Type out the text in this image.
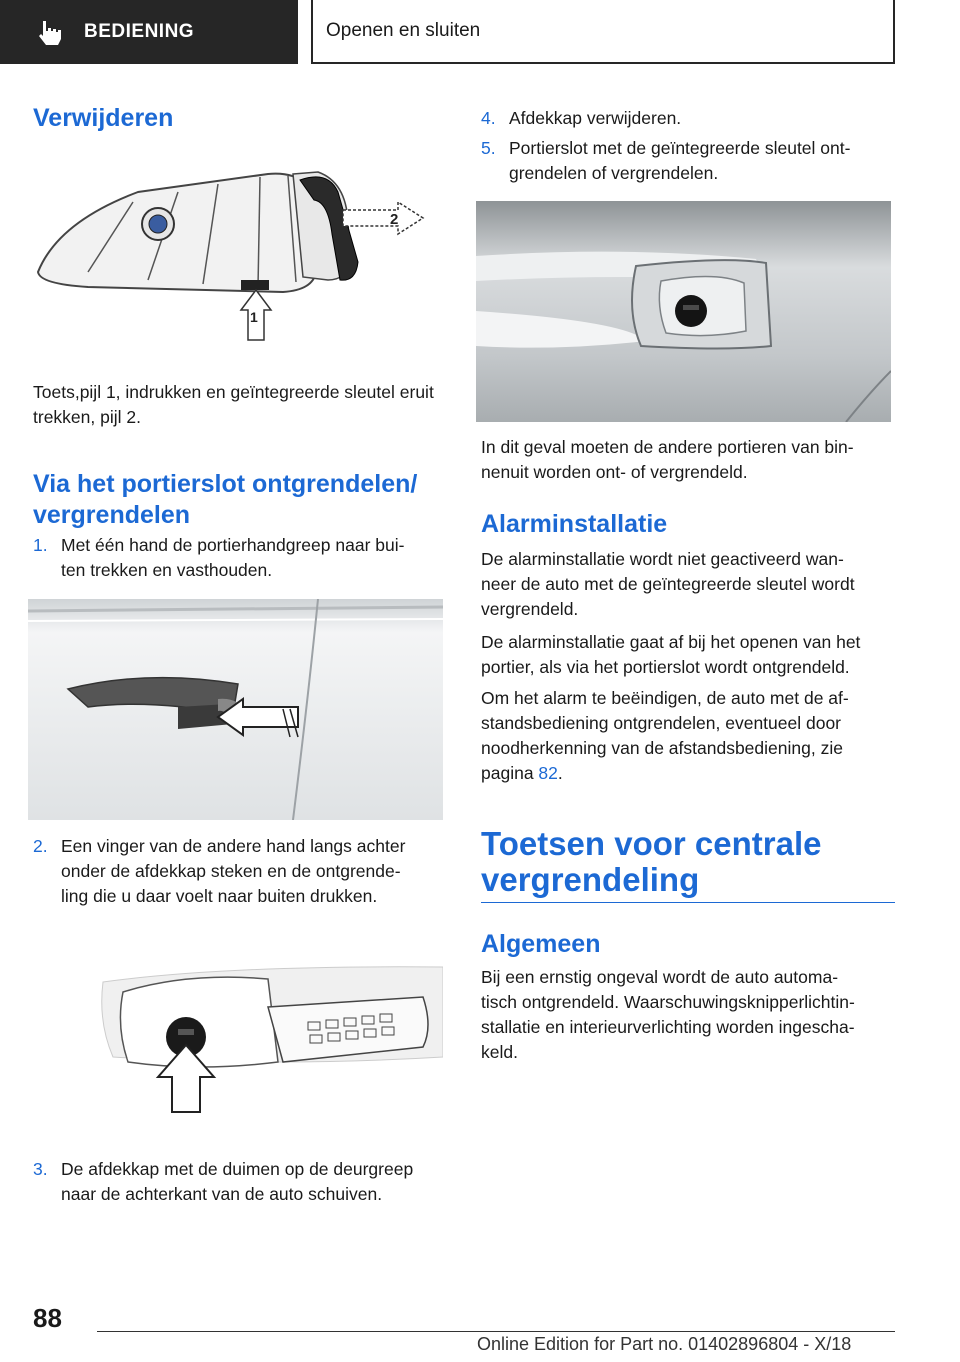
BEDIENING	Openen en sluiten
Verwijderen
2
1
Toets,pijl 1, indrukken en geïntegreerde sleutel eruit trekken, pijl 2.
Via het portierslot ontgrendelen/
vergrendelen
1. Met één hand de portierhandgreep naar bui-
ten trekken en vasthouden.
2. Een vinger van de andere hand langs achter
onder de afdekkap steken en de ontgrende-
ling die u daar voelt naar buiten drukken.
3. De afdekkap met de duimen op de deurgreep
naar de achterkant van de auto schuiven.
4. Afdekkap verwijderen.
5. Portierslot met de geïntegreerde sleutel ont-
grendelen of vergrendelen.
In dit geval moeten de andere portieren van bin-
nenuit worden ont- of vergrendeld.
Alarminstallatie
De alarminstallatie wordt niet geactiveerd wan-
neer de auto met de geïntegreerde sleutel wordt
vergrendeld.
De alarminstallatie gaat af bij het openen van het
portier, als via het portierslot wordt ontgrendeld.
Om het alarm te beëindigen, de auto met de af-
standsbediening ontgrendelen, eventueel door
noodherkenning van de afstandsbediening, zie
pagina 82.
Toetsen voor centrale
vergrendeling
Algemeen
Bij een ernstig ongeval wordt de auto automa-
tisch ontgrendeld. Waarschuwingsknipperlichtin-
stallatie en interieurverlichting worden ingescha-
keld.
88
Online Edition for Part no. 01402896804 - X/18
